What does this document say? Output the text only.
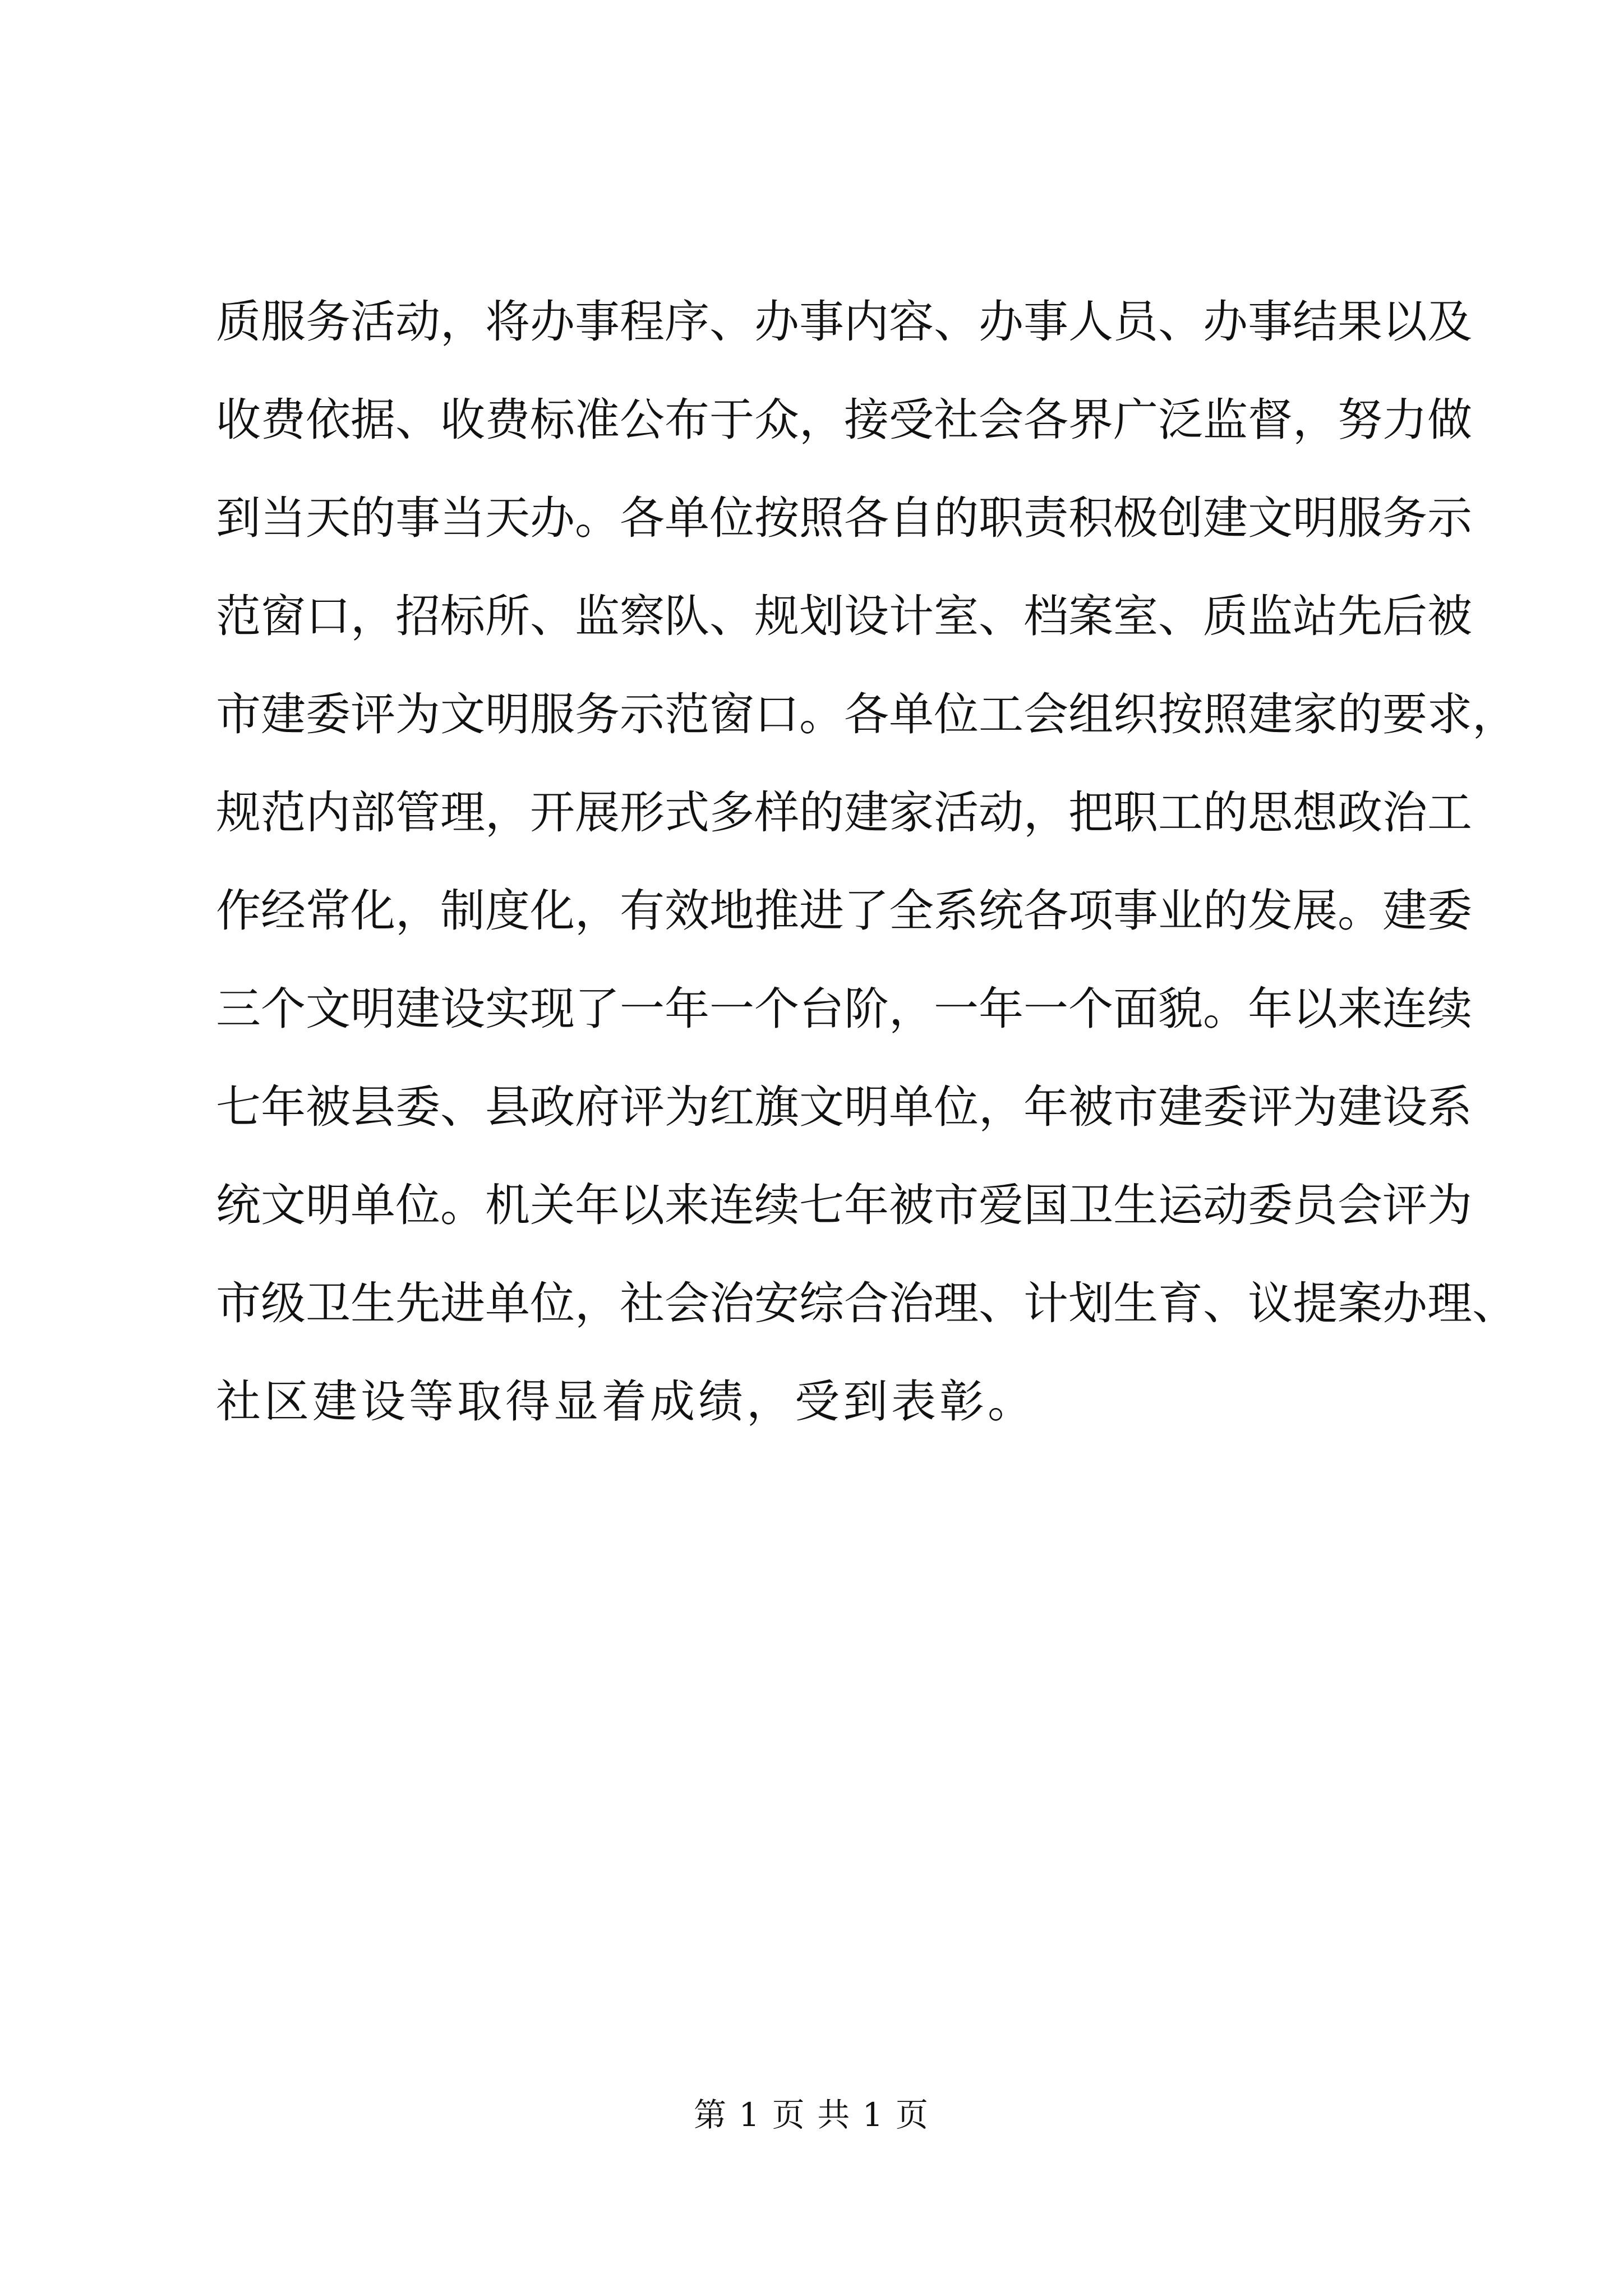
质服务活动，将办事程序、办事内容、办事人员、办事结果以及
收费依据、收费标准公布于众，接受社会各界广泛监督，努力做
到当天的事当天办。各单位按照各自的职责积极创建文明服务示
范窗口，招标所、监察队、规划设计室、档案室、质监站先后被
市建委评为文明服务示范窗口。各单位工会组织按照建家的要求，
规范内部管理，开展形式多样的建家活动，把职工的思想政治工
作经常化，制度化，有效地推进了全系统各项事业的发展。建委
三个文明建设实现了一年一个台阶，一年一个面貌。年以来连续
七年被县委、县政府评为红旗文明单位，年被市建委评为建设系
统文明单位。机关年以来连续七年被市爱国卫生运动委员会评为
市级卫生先进单位，社会治安综合治理、计划生育、议提案办理、
社区建设等取得显着成绩，受到表彰。
第 1 页 共 1 页
